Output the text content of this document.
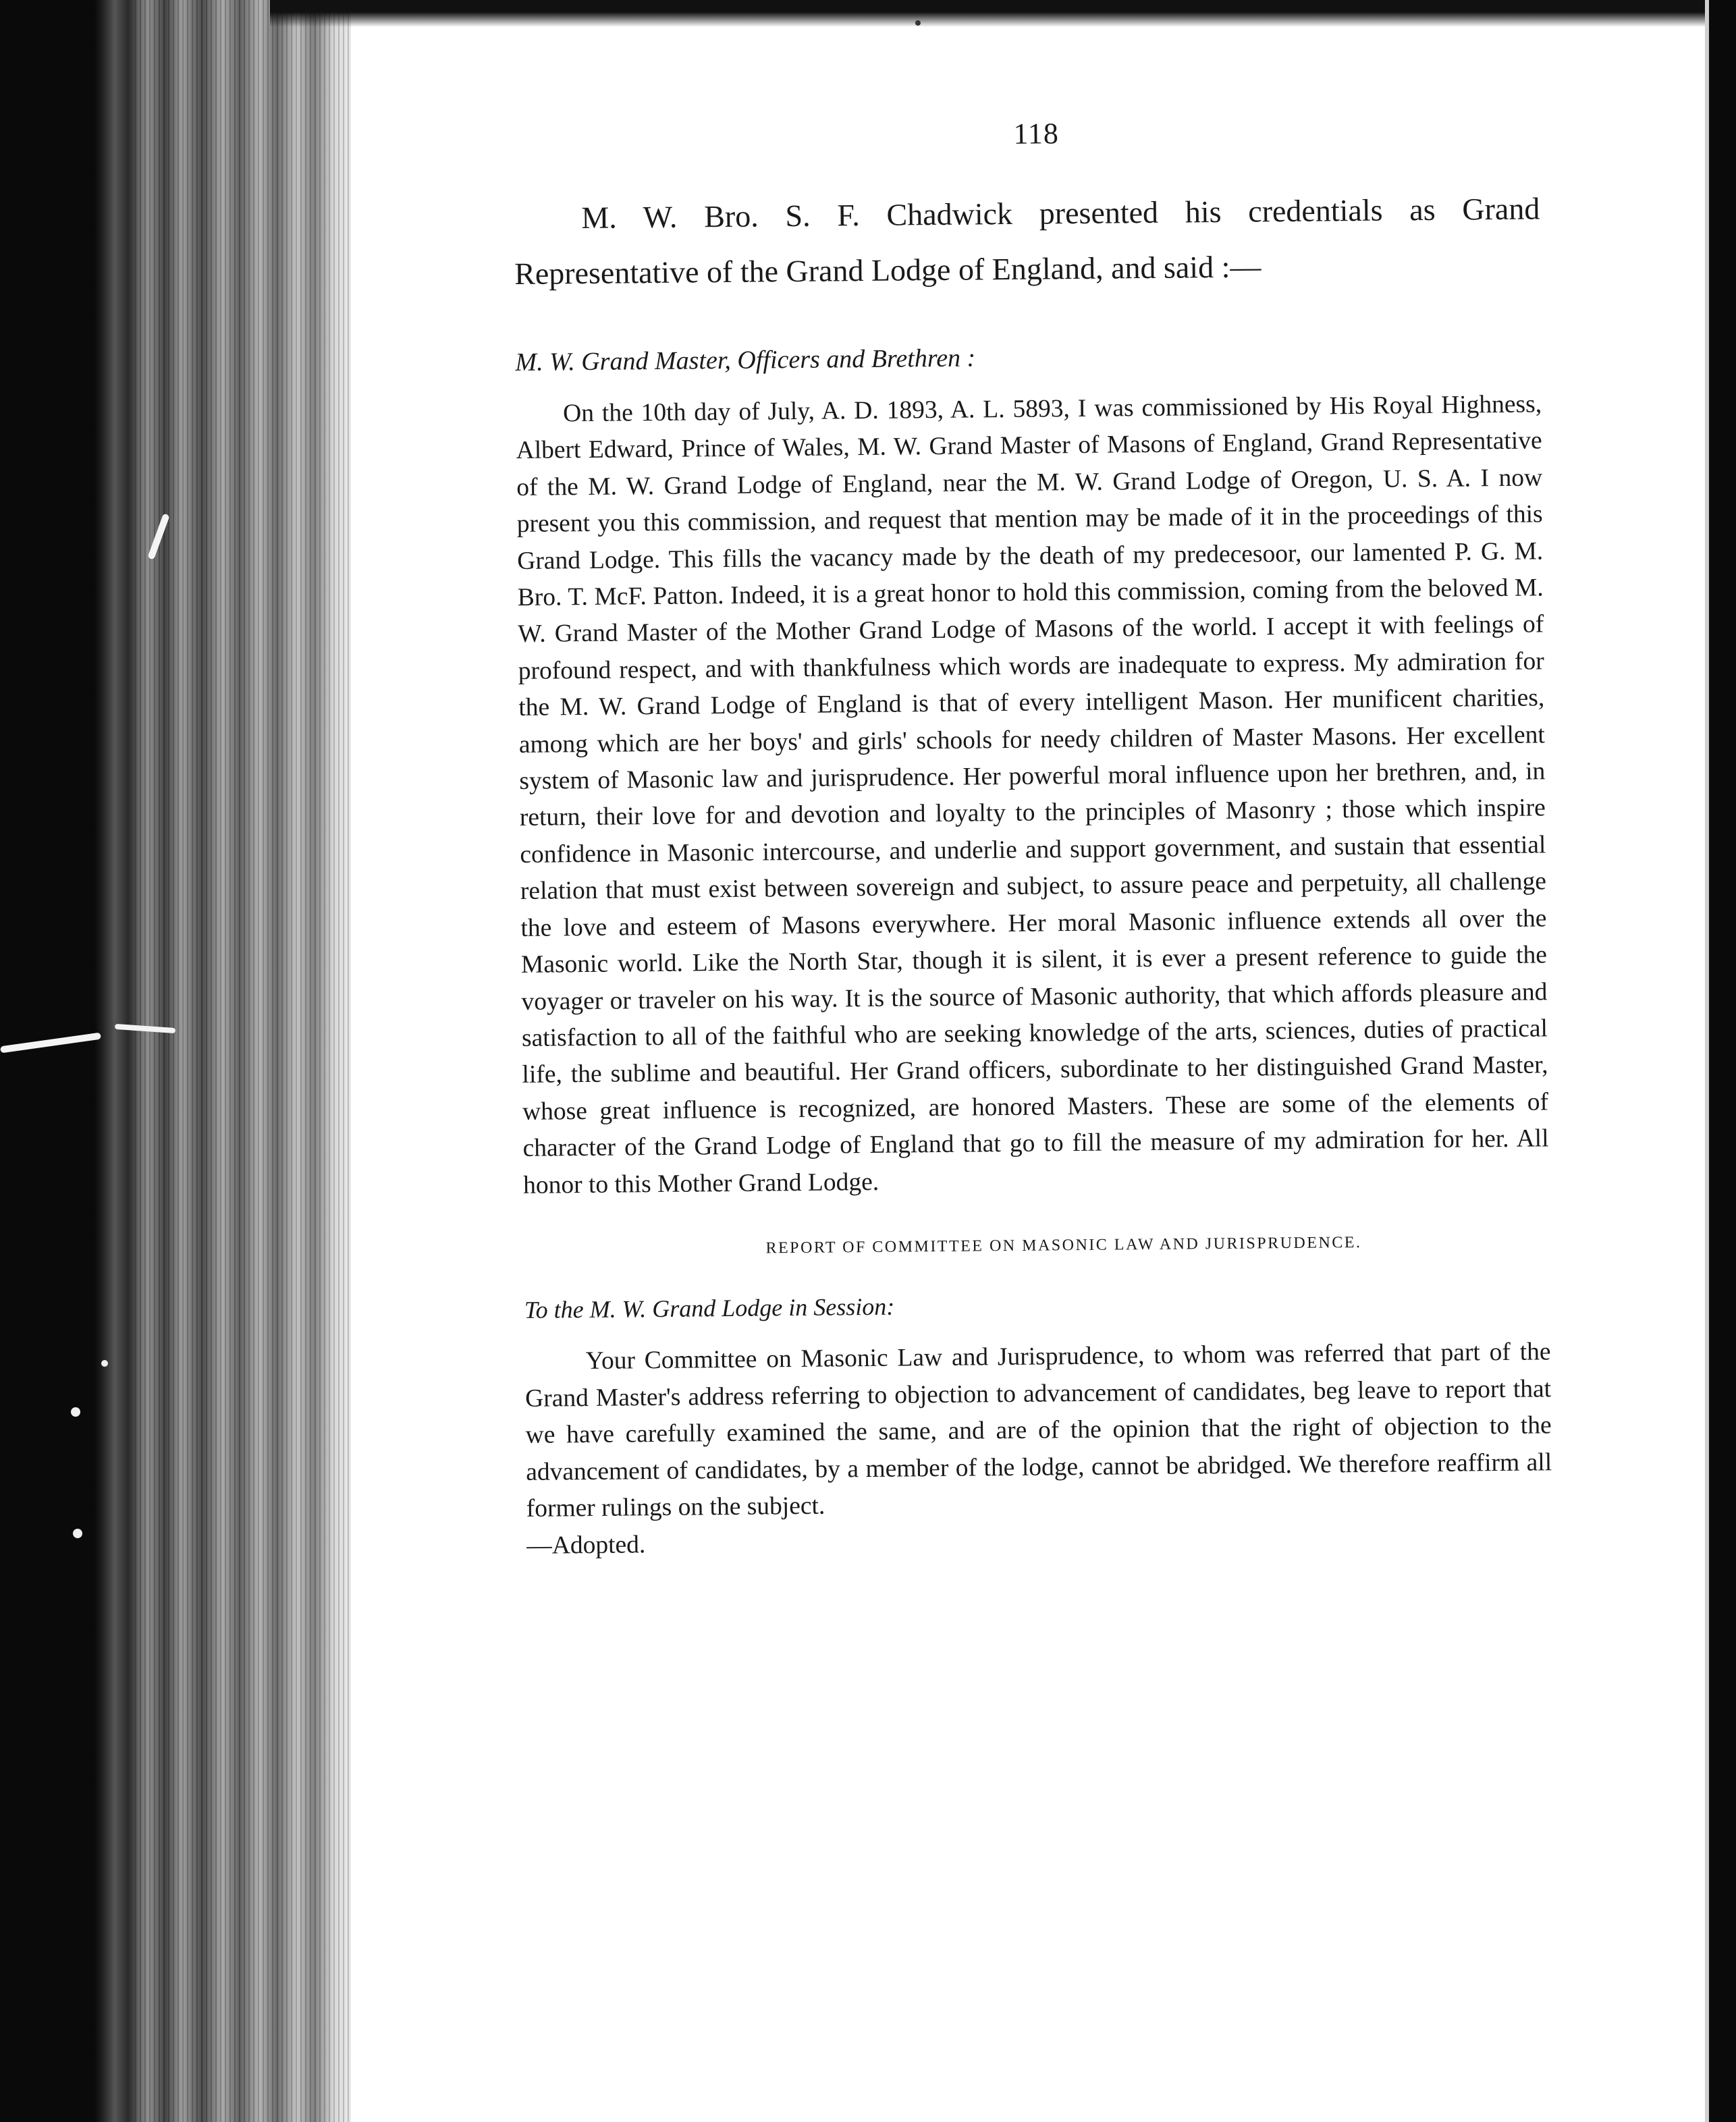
118

M. W. Bro. S. F. Chadwick presented his credentials as Grand Representative of the Grand Lodge of England, and said :—

M. W. Grand Master, Officers and Brethren :

On the 10th day of July, A. D. 1893, A. L. 5893, I was commissioned by His Royal Highness, Albert Edward, Prince of Wales, M. W. Grand Master of Masons of England, Grand Representative of the M. W. Grand Lodge of England, near the M. W. Grand Lodge of Oregon, U. S. A. I now present you this commission, and request that mention may be made of it in the proceedings of this Grand Lodge. This fills the vacancy made by the death of my predecesoor, our lamented P. G. M. Bro. T. McF. Patton. Indeed, it is a great honor to hold this commission, coming from the beloved M. W. Grand Master of the Mother Grand Lodge of Masons of the world. I accept it with feelings of profound respect, and with thankfulness which words are inadequate to express. My admiration for the M. W. Grand Lodge of England is that of every intelligent Mason. Her munificent charities, among which are her boys' and girls' schools for needy children of Master Masons. Her excellent system of Masonic law and jurisprudence. Her powerful moral influence upon her brethren, and, in return, their love for and devotion and loyalty to the principles of Masonry ; those which inspire confidence in Masonic intercourse, and underlie and support government, and sustain that essential relation that must exist between sovereign and subject, to assure peace and perpetuity, all challenge the love and esteem of Masons everywhere. Her moral Masonic influence extends all over the Masonic world. Like the North Star, though it is silent, it is ever a present reference to guide the voyager or traveler on his way. It is the source of Masonic authority, that which affords pleasure and satisfaction to all of the faithful who are seeking knowledge of the arts, sciences, duties of practical life, the sublime and beautiful. Her Grand officers, subordinate to her distinguished Grand Master, whose great influence is recognized, are honored Masters. These are some of the elements of character of the Grand Lodge of England that go to fill the measure of my admiration for her. All honor to this Mother Grand Lodge.

REPORT OF COMMITTEE ON MASONIC LAW AND JURISPRUDENCE.

To the M. W. Grand Lodge in Session:

Your Committee on Masonic Law and Jurisprudence, to whom was referred that part of the Grand Master's address referring to objection to advancement of candidates, beg leave to report that we have carefully examined the same, and are of the opinion that the right of objection to the advancement of candidates, by a member of the lodge, cannot be abridged. We therefore reaffirm all former rulings on the subject.

—Adopted.
